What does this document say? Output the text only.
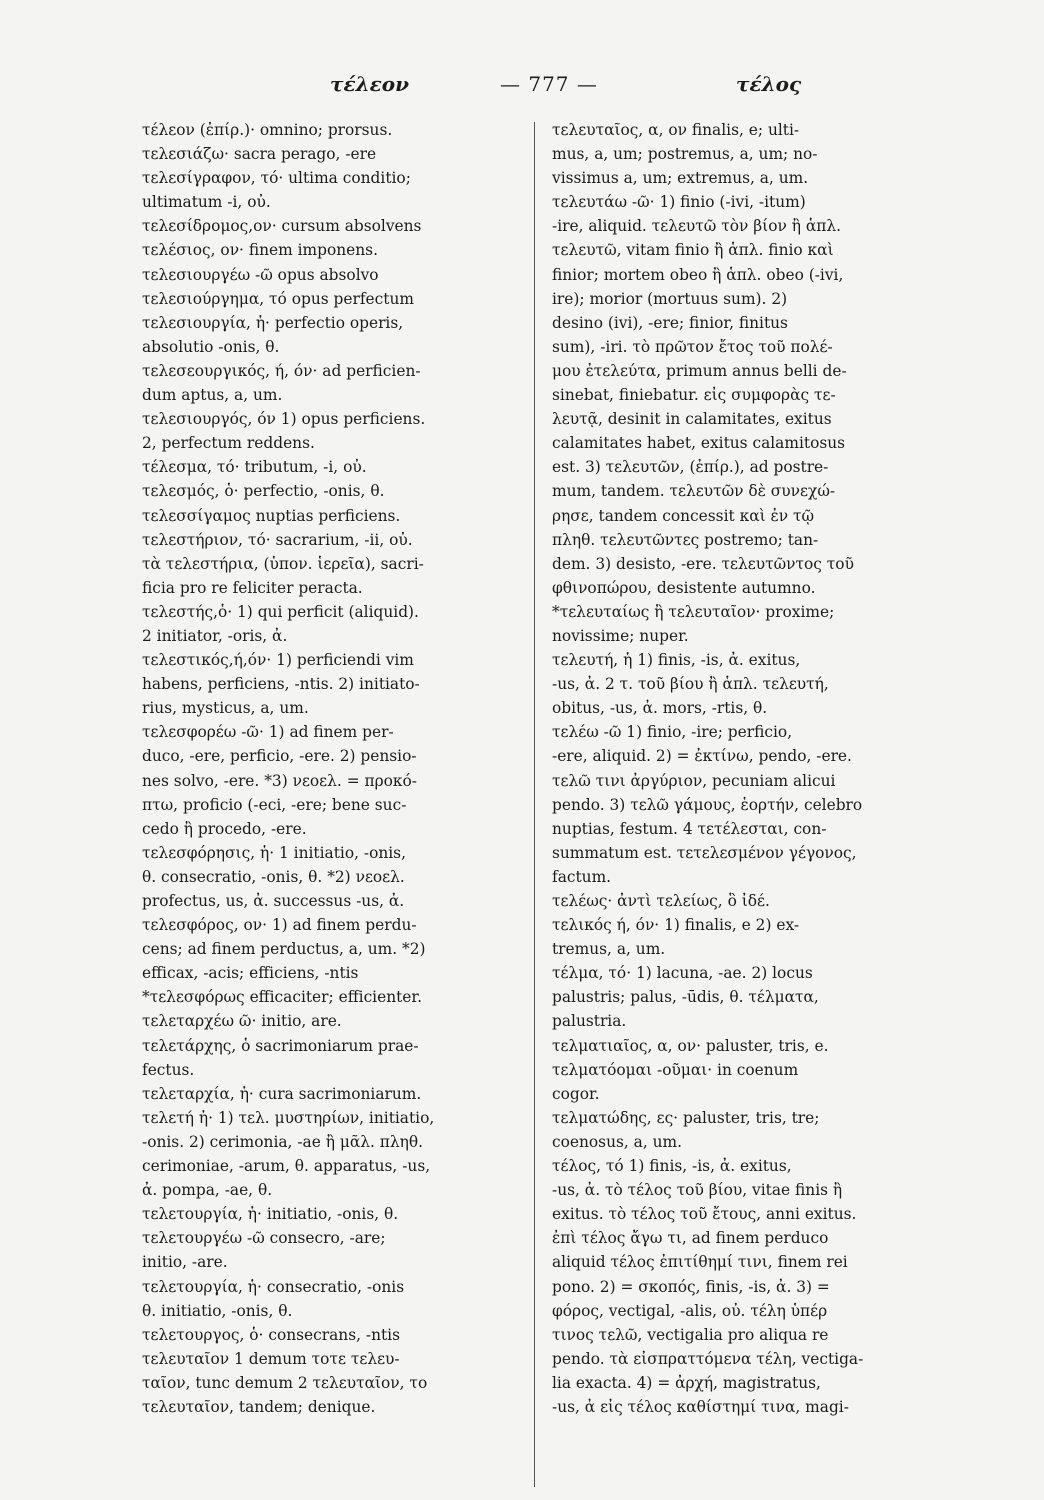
τέλεον	— 777 —	τέλος
τέλεον (ἐπίρ.)· omnino; prorsus.
τελεσιάζω· sacra perago, -ere
τελεσίγραφον, τό· ultima conditio;
ultimatum -i, οὐ.
τελεσίδρομος,ον· cursum absolvens
τελέσιος, ον· finem imponens.
τελεσιουργέω -ῶ opus absolvo
τελεσιούργημα, τό opus perfectum
τελεσιουργία, ἡ· perfectio operis,
absolutio -onis, θ.
τελεσεουργικός, ή, όν· ad perficien-
dum aptus, a, um.
τελεσιουργός, όν 1) opus perficiens.
2, perfectum reddens.
τέλεσμα, τό· tributum, -i, οὐ.
τελεσμός, ὁ· perfectio, -onis, θ.
τελεσσίγαμος nuptias perficiens.
τελεστήριον, τό· sacrarium, -ii, οὐ.
τὰ τελεστήρια, (ὑπον. ἱερεῖα), sacri-
ficia pro re feliciter peracta.
τελεστής,ὁ· 1) qui perficit (aliquid).
2 initiator, -oris, ἀ.
τελεστικός,ή,όν· 1) perficiendi vim
habens, perficiens, -ntis. 2) initiato-
rius, mysticus, a, um.
τελεσφορέω -ῶ· 1) ad finem per-
duco, -ere, perficio, -ere. 2) pensio-
nes solvo, -ere. *3) νεοελ. = προκό-
πτω, proficio (-eci, -ere; bene suc-
cedo ἢ procedo, -ere.
τελεσφόρησις, ἡ· 1 initiatio, -onis,
θ. consecratio, -onis, θ. *2) νεοελ.
profectus, us, ἀ. successus -us, ἀ.
τελεσφόρος, ον· 1) ad finem perdu-
cens; ad finem perductus, a, um. *2)
efficax, -acis; efficiens, -ntis
*τελεσφόρως efficaciter; efficienter.
τελεταρχέω ῶ· initio, are.
τελετάρχης, ὁ sacrimoniarum prae-
fectus.
τελεταρχία, ἡ· cura sacrimoniarum.
τελετή ἡ· 1) τελ. μυστηρίων, initiatio,
-onis. 2) cerimonia, -ae ἢ μᾶλ. πληθ.
cerimoniae, -arum, θ. apparatus, -us,
ἀ. pompa, -ae, θ.
τελετουργία, ἡ· initiatio, -onis, θ.
τελετουργέω -ῶ consecro, -are;
initio, -are.
τελετουργία, ἡ· consecratio, -onis
θ. initiatio, -onis, θ.
τελετουργος, ὁ· consecrans, -ntis
τελευταῖον 1 demum τοτε τελευ-
ταῖον, tunc demum 2 τελευταῖον, το
τελευταῖον, tandem; denique.
τελευταῖος, α, ον finalis, e; ulti-
mus, a, um; postremus, a, um; no-
vissimus a, um; extremus, a, um.
τελευτάω -ῶ· 1) finio (-ivi, -itum)
-ire, aliquid. τελευτῶ τὸν βίον ἢ ἁπλ.
τελευτῶ, vitam finio ἢ ἁπλ. finio καὶ
finior; mortem obeo ἢ ἁπλ. obeo (-ivi,
ire); morior (mortuus sum). 2)
desino (ivi), -ere; finior, finitus
sum), -iri. τὸ πρῶτον ἔτος τοῦ πολέ-
μου ἐτελεύτα, primum annus belli de-
sinebat, finiebatur. εἰς συμφορὰς τε-
λευτᾷ, desinit in calamitates, exitus
calamitates habet, exitus calamitosus
est. 3) τελευτῶν, (ἐπίρ.), ad postre-
mum, tandem. τελευτῶν δὲ συνεχώ-
ρησε, tandem concessit καὶ ἐν τῷ
πληθ. τελευτῶντες postremo; tan-
dem. 3) desisto, -ere. τελευτῶντος τοῦ
φθινοπώρου, desistente autumno.
*τελευταίως ἢ τελευταῖον· proxime;
novissime; nuper.
τελευτή, ἡ 1) finis, -is, ἀ. exitus,
-us, ἀ. 2 τ. τοῦ βίου ἢ ἁπλ. τελευτή,
obitus, -us, ἀ. mors, -rtis, θ.
τελέω -ῶ 1) finio, -ire; perficio,
-ere, aliquid. 2) = ἐκτίνω, pendo, -ere.
τελῶ τινι ἀργύριον, pecuniam alicui
pendo. 3) τελῶ γάμους, ἑορτήν, celebro
nuptias, festum. 4 τετέλεσται, con-
summatum est. τετελεσμένον γέγονος,
factum.
τελέως· ἀντὶ τελείως, ὃ ἰδέ.
τελικός ή, όν· 1) finalis, e 2) ex-
tremus, a, um.
τέλμα, τό· 1) lacuna, -ae. 2) locus
palustris; palus, -ūdis, θ. τέλματα,
palustria.
τελματιαῖος, α, ον· paluster, tris, e.
τελματόομαι -οῦμαι· in coenum
cogor.
τελματώδης, ες· paluster, tris, tre;
coenosus, a, um.
τέλος, τό 1) finis, -is, ἀ. exitus,
-us, ἀ. τὸ τέλος τοῦ βίου, vitae finis ἢ
exitus. τὸ τέλος τοῦ ἔτους, anni exitus.
ἐπὶ τέλος ἄγω τι, ad finem perduco
aliquid τέλος ἐπιτίθημί τινι, finem rei
pono. 2) = σκοπός, finis, -is, ἀ. 3) =
φόρος, vectigal, -alis, οὐ. τέλη ὑπέρ
τινος τελῶ, vectigalia pro aliqua re
pendo. τὰ εἰσπραττόμενα τέλη, vectiga-
lia exacta. 4) = ἀρχή, magistratus,
-us, ἀ εἰς τέλος καθίστημί τινα, magi-
